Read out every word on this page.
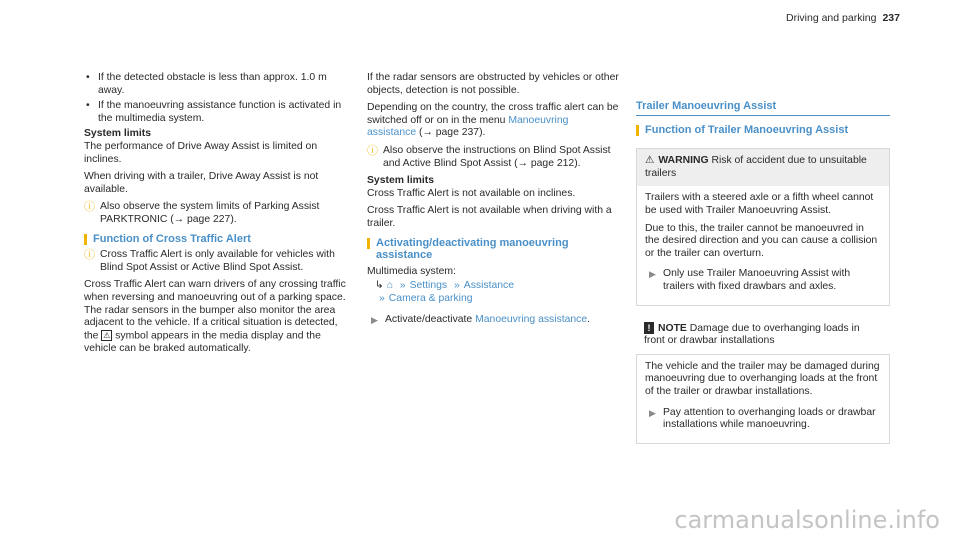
Driving and parking 237
• If the detected obstacle is less than approx. 1.0 m away.
• If the manoeuvring assistance function is activated in the multimedia system.

System limits

The performance of Drive Away Assist is limited on inclines.

When driving with a trailer, Drive Away Assist is not available.

ⓘ Also observe the system limits of Parking Assist PARKTRONIC (→ page 227).
Function of Cross Traffic Alert
ⓘ Cross Traffic Alert is only available for vehicles with Blind Spot Assist or Active Blind Spot Assist.

Cross Traffic Alert can warn drivers of any crossing traffic when reversing and manoeuvring out of a parking space. The radar sensors in the bumper also monitor the area adjacent to the vehicle. If a critical situation is detected, the ⚠ symbol appears in the media display and the vehicle can be braked automatically.

If the radar sensors are obstructed by vehicles or other objects, detection is not possible.

Depending on the country, the cross traffic alert can be switched off or on in the menu Manoeuvring assistance (→ page 237).

ⓘ Also observe the instructions on Blind Spot Assist and Active Blind Spot Assist (→ page 212).

System limits

Cross Traffic Alert is not available on inclines.

Cross Traffic Alert is not available when driving with a trailer.

Activating/deactivating manoeuvring assistance

Multimedia system:

↳ ⌂ » Settings » Assistance
» Camera & parking
▶ Activate/deactivate Manoeuvring assistance.
Trailer Manoeuvring Assist
Function of Trailer Manoeuvring Assist
⚠ WARNING Risk of accident due to unsuitable trailers

Trailers with a steered axle or a fifth wheel cannot be used with Trailer Manoeuvring Assist.

Due to this, the trailer cannot be manoeuvred in the desired direction and you can cause a collision or the trailer can overturn.

▶ Only use Trailer Manoeuvring Assist with trailers with fixed drawbars and axles.
! NOTE Damage due to overhanging loads in front or drawbar installations

The vehicle and the trailer may be damaged during manoeuvring due to overhanging loads at the front of the trailer or drawbar installations.

▶ Pay attention to overhanging loads or drawbar installations while manoeuvring.
carmanualsonline.info
